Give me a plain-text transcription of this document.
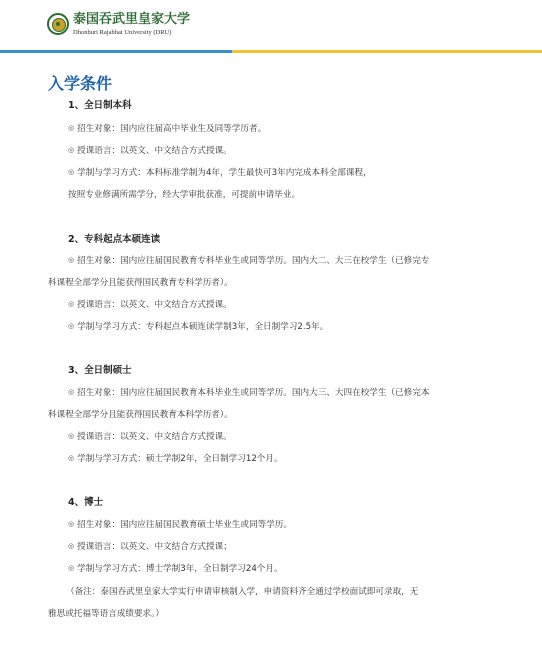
泰国吞武里皇家大学
Dhonburi Rajabhat University (DRU)
入学条件
1、全日制本科
◎ 招生对象：国内应往届高中毕业生及同等学历者。
◎ 授课语言：以英文、中文结合方式授课。
◎ 学制与学习方式：本科标准学制为4年，学生最快可3年内完成本科全部课程，
按照专业修满所需学分，经大学审批获准，可提前申请毕业。
2、专科起点本硕连读
◎ 招生对象：国内应往届国民教育专科毕业生或同等学历。国内大二、大三在校学生（已修完专
科课程全部学分且能获得国民教育专科学历者）。
◎ 授课语言：以英文、中文结合方式授课。
◎ 学制与学习方式：专科起点本硕连读学制3年，全日制学习2.5年。
3、全日制硕士
◎ 招生对象：国内应往届国民教育本科毕业生或同等学历。国内大三、大四在校学生（已修完本
科课程全部学分且能获得国民教育本科学历者）。
◎ 授课语言：以英文、中文结合方式授课。
◎ 学制与学习方式：硕士学制2年，全日制学习12个月。
4、博士
◎ 招生对象：国内应往届国民教育硕士毕业生或同等学历。
◎ 授课语言：以英文、中文结合方式授课；
◎ 学制与学习方式：博士学制3年，全日制学习24个月。
（备注：泰国吞武里皇家大学实行申请审核制入学，申请资料齐全通过学校面试即可录取，无
雅思或托福等语言成绩要求。）
